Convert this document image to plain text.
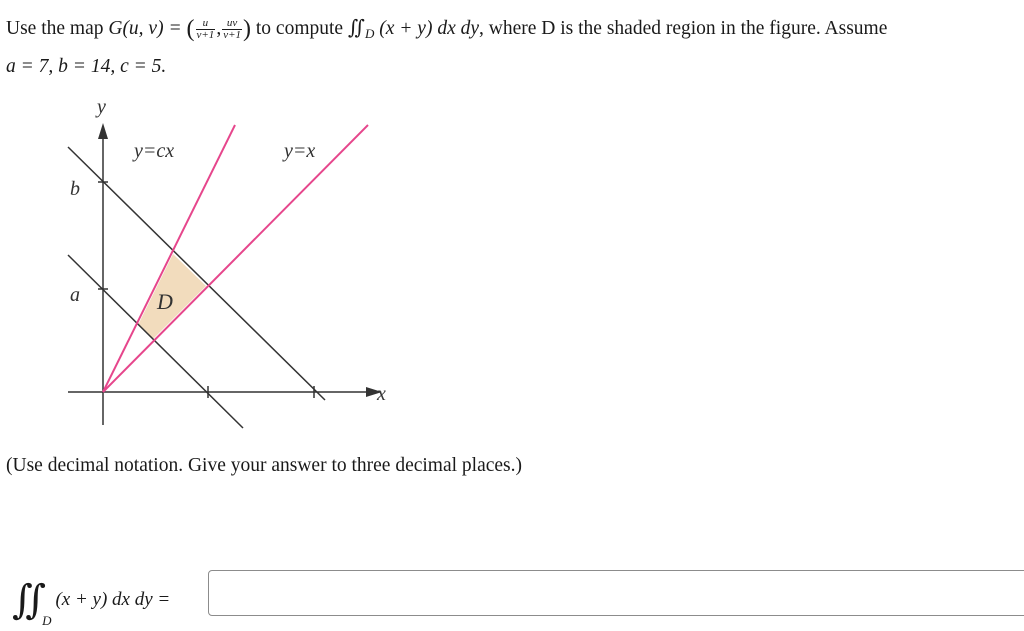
Use the map G(u, v) = ( $\frac{u}{v+1}$ , $\frac{uv}{v+1}$ ) to compute $∬_D$ (x + y) dx dy, where D is the shaded region in the figure. Assume
a = 7, b = 14, c = 5.
y
x
y=cx	y=x
b
a	D
(Use decimal notation. Give your answer to three decimal places.)
$∬_D(x + y)$ dx dy =
